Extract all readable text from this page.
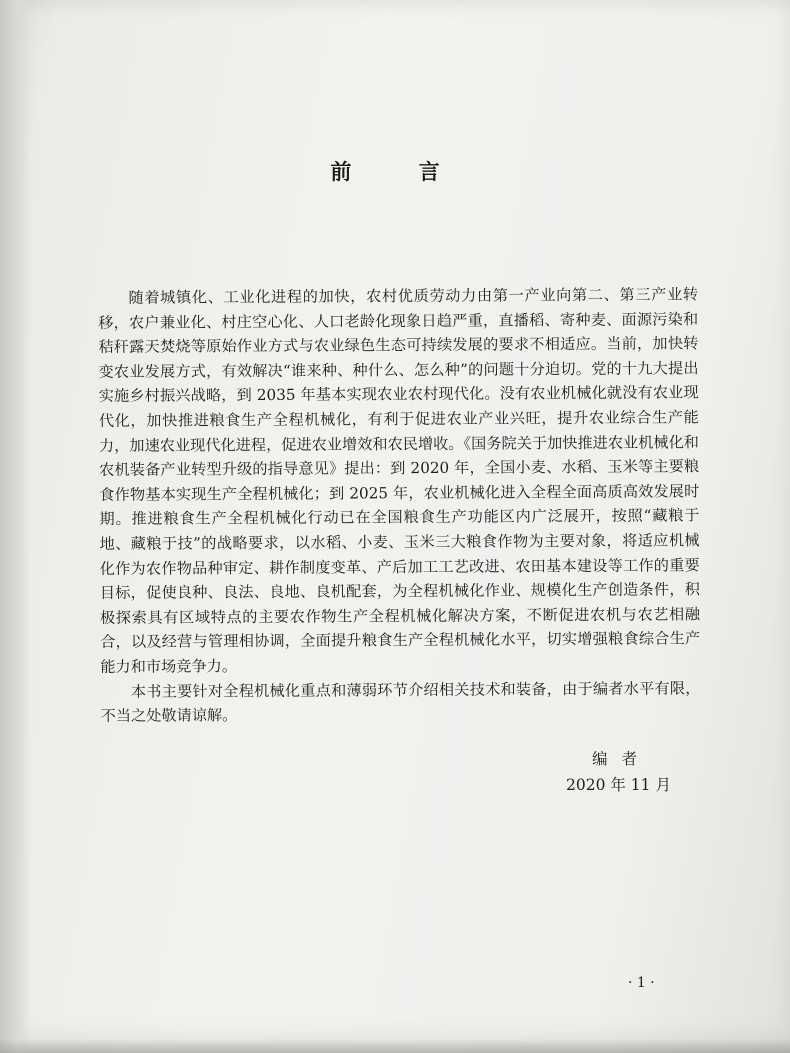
前 言

随着城镇化、工业化进程的加快，农村优质劳动力由第一产业向第二、第三产业转移，农户兼业化、村庄空心化、人口老龄化现象日趋严重，直播稻、寄种麦、面源污染和秸秆露天焚烧等原始作业方式与农业绿色生态可持续发展的要求不相适应。当前，加快转变农业发展方式，有效解决“谁来种、种什么、怎么种”的问题十分迫切。党的十九大提出实施乡村振兴战略，到 2035 年基本实现农业农村现代化。没有农业机械化就没有农业现代化，加快推进粮食生产全程机械化，有利于促进农业产业兴旺，提升农业综合生产能力，加速农业现代化进程，促进农业增效和农民增收。《国务院关于加快推进农业机械化和农机装备产业转型升级的指导意见》提出：到 2020 年，全国小麦、水稻、玉米等主要粮食作物基本实现生产全程机械化；到 2025 年，农业机械化进入全程全面高质高效发展时期。推进粮食生产全程机械化行动已在全国粮食生产功能区内广泛展开，按照“藏粮于地、藏粮于技”的战略要求，以水稻、小麦、玉米三大粮食作物为主要对象，将适应机械化作为农作物品种审定、耕作制度变革、产后加工工艺改进、农田基本建设等工作的重要目标，促使良种、良法、良地、良机配套，为全程机械化作业、规模化生产创造条件，积极探索具有区域特点的主要农作物生产全程机械化解决方案，不断促进农机与农艺相融合，以及经营与管理相协调，全面提升粮食生产全程机械化水平，切实增强粮食综合生产能力和市场竞争力。

本书主要针对全程机械化重点和薄弱环节介绍相关技术和装备，由于编者水平有限，不当之处敬请谅解。

编者
2020 年 11 月
· 1 ·
